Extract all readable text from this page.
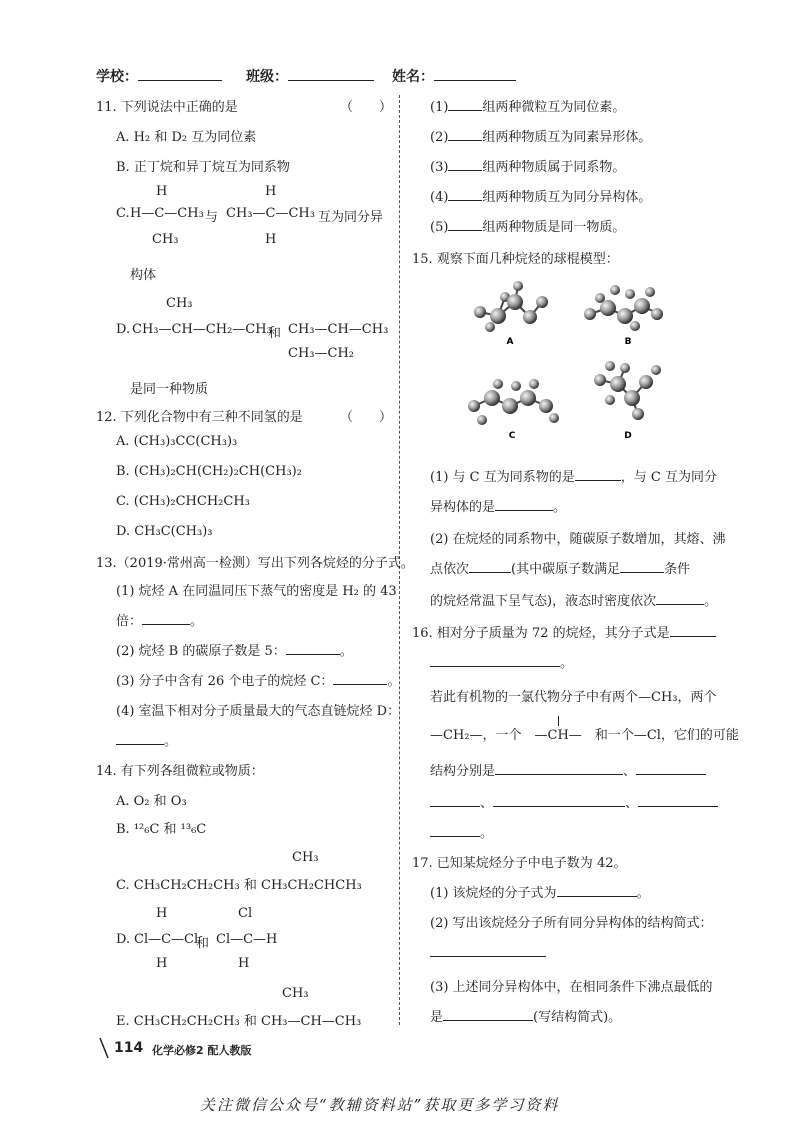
学校：	班级：	姓名：
11. 下列说法中正确的是	（　　）
A. H₂ 和 D₂ 互为同位素
B. 正丁烷和异丁烷互为同系物
C.
H
H—C—CH₃
CH₃
与
H
CH₃—C—CH₃
H
互为同分异
构体
D.
CH₃
CH₃—CH—CH₂—CH₃
和 CH₃—CH—CH₃
CH₃—CH₂
是同一种物质
12. 下列化合物中有三种不同氢的是	（　　）
A. (CH₃)₃CC(CH₃)₃
B. (CH₃)₂CH(CH₂)₂CH(CH₃)₂
C. (CH₃)₂CHCH₂CH₃
D. CH₃C(CH₃)₃
13.（2019·常州高一检测）写出下列各烷烃的分子式。
(1) 烷烃 A 在同温同压下蒸气的密度是 H₂ 的 43
倍：	。
(2) 烷烃 B 的碳原子数是 5：	。
(3) 分子中含有 26 个电子的烷烃 C：	。
(4) 室温下相对分子质量最大的气态直链烷烃 D：
。
14. 有下列各组微粒或物质：
A. O₂ 和 O₃
B. ¹²₆C 和 ¹³₆C
CH₃
C. CH₃CH₂CH₂CH₃ 和 CH₃CH₂CHCH₃
D.
H
Cl—C—Cl
H
和
Cl
Cl—C—H
H
CH₃
E. CH₃CH₂CH₂CH₃ 和 CH₃—CH—CH₃
(1)	组两种微粒互为同位素。
(2)	组两种物质互为同素异形体。
(3)	组两种物质属于同系物。
(4)	组两种物质互为同分异构体。
(5)	组两种物质是同一物质。
15. 观察下面几种烷烃的球棍模型：
A	B
C	D
(1) 与 C 互为同系物的是	，与 C 互为同分
异构体的是	。
(2) 在烷烃的同系物中，随碳原子数增加，其熔、沸
点依次	(其中碳原子数满足	条件
的烷烃常温下呈气态)，液态时密度依次	。
16. 相对分子质量为 72 的烷烃，其分子式是
。
若此有机物的一氯代物分子中有两个—CH₃，两个
—CH₂—，一个　 —CH—
　 和一个—Cl，它们的可能
结构分别是	、
、	、
。
17. 已知某烷烃分子中电子数为 42。
(1) 该烷烃的分子式为	。
(2) 写出该烷烃分子所有同分异构体的结构简式：
(3) 上述同分异构体中，在相同条件下沸点最低的
是	(写结构简式)。
114 化学必修2 配人教版
关注微信公众号“教辅资料站”获取更多学习资料
